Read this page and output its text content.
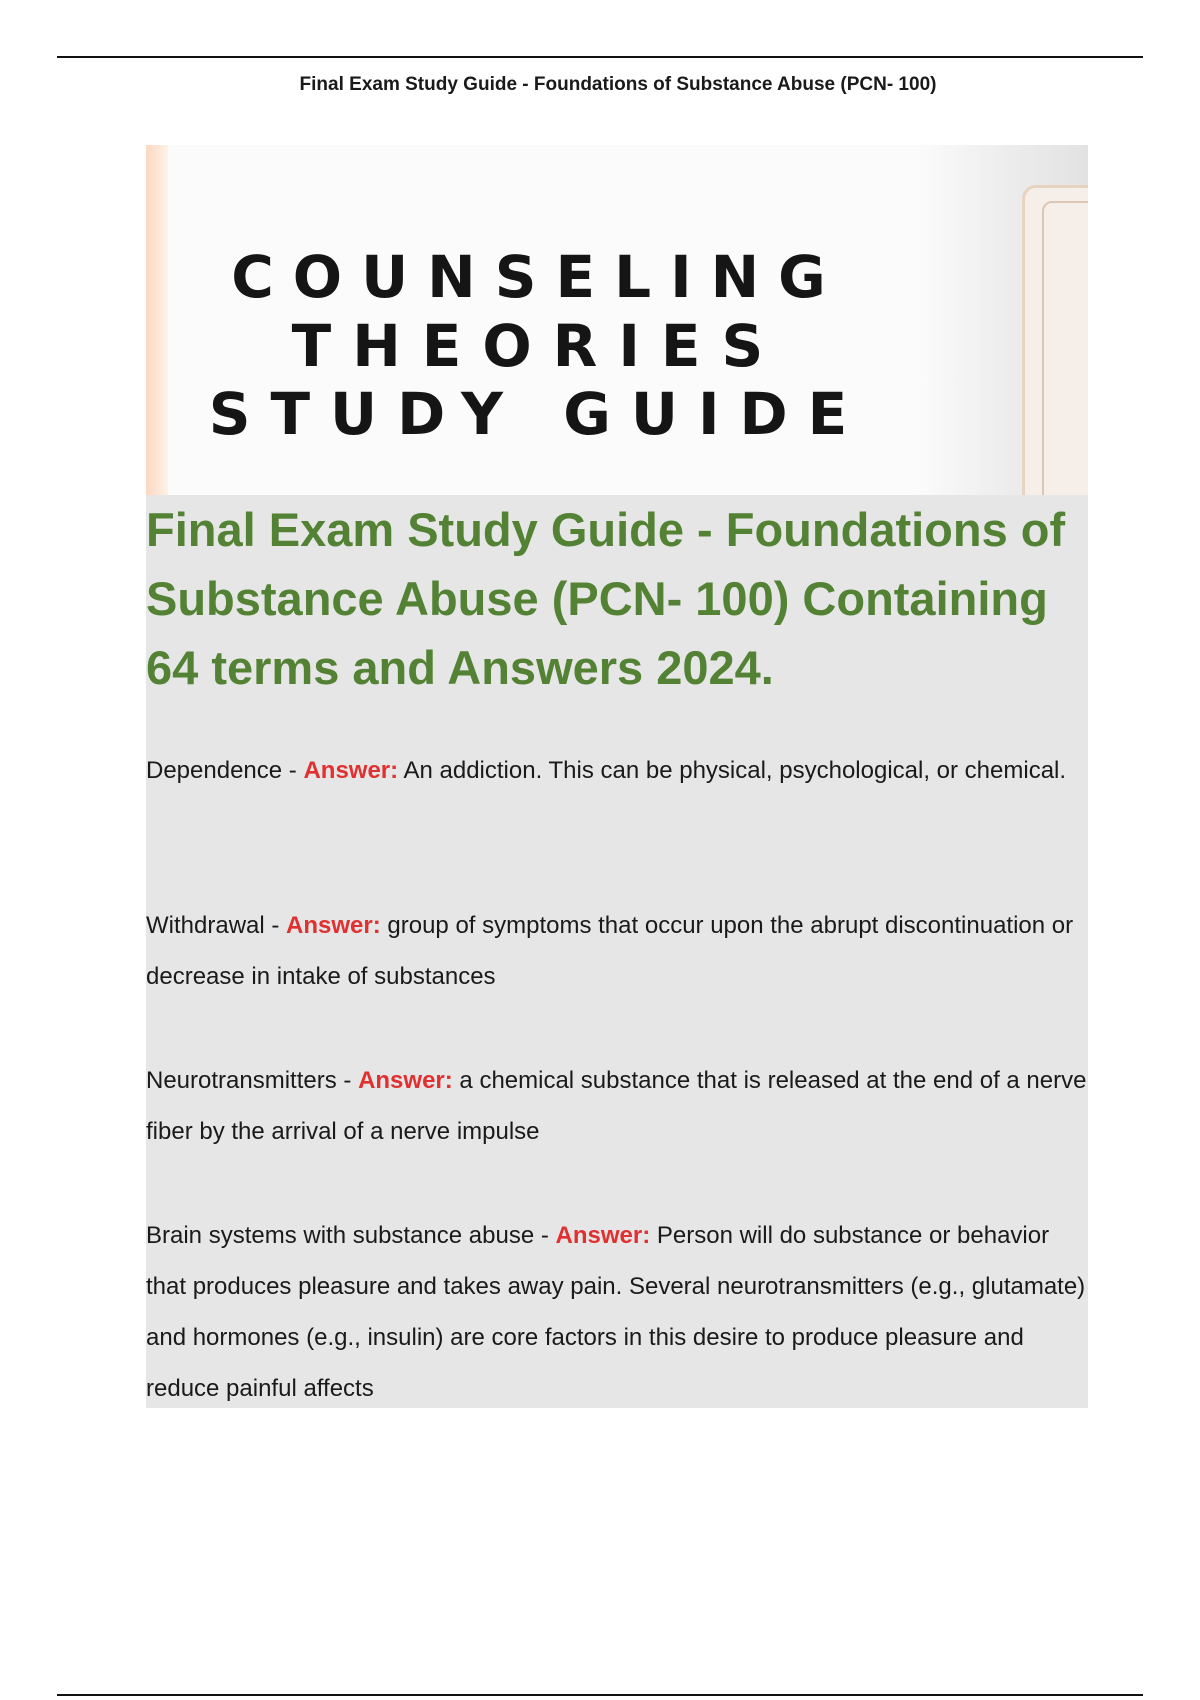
Final Exam Study Guide - Foundations of Substance Abuse (PCN- 100)
COUNSELING
THEORIES
STUDY GUIDE
Final Exam Study Guide - Foundations of Substance Abuse (PCN- 100) Containing 64 terms and Answers 2024.

Dependence - Answer: An addiction. This can be physical, psychological, or chemical.

Withdrawal - Answer: group of symptoms that occur upon the abrupt discontinuation or decrease in intake of substances

Neurotransmitters - Answer: a chemical substance that is released at the end of a nerve fiber by the arrival of a nerve impulse

Brain systems with substance abuse - Answer: Person will do substance or behavior that produces pleasure and takes away pain. Several neurotransmitters (e.g., glutamate) and hormones (e.g., insulin) are core factors in this desire to produce pleasure and reduce painful affects
